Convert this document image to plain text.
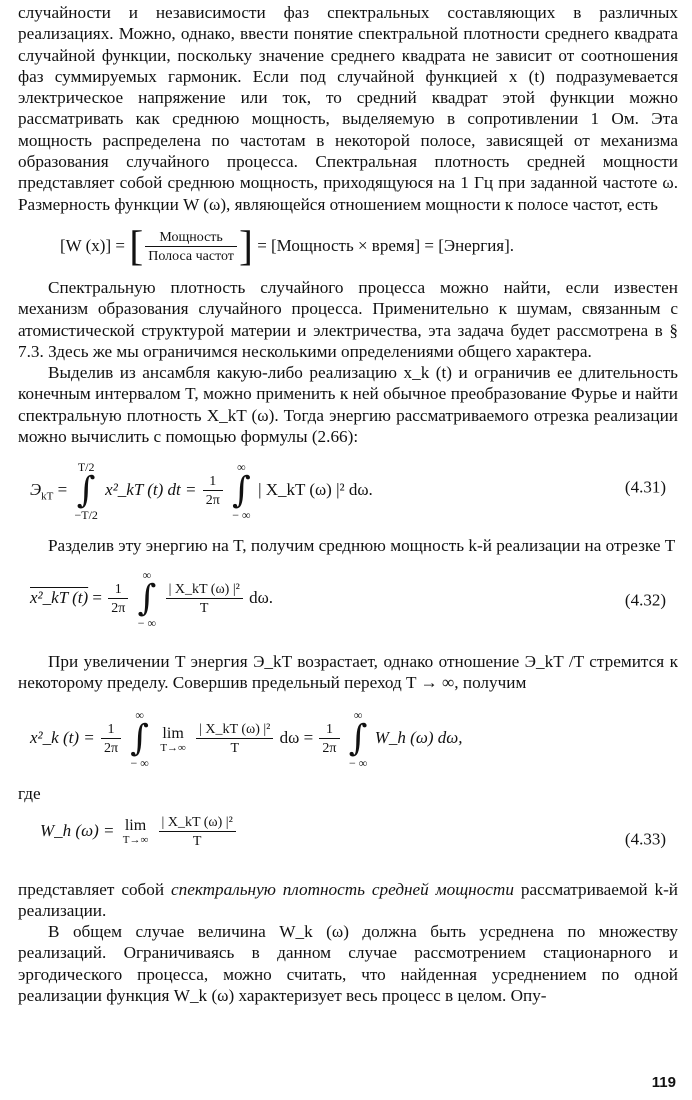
случайности и независимости фаз спектральных составляющих в различных реализациях. Можно, однако, ввести понятие спектральной плотности среднего квадрата случайной функции, поскольку значение среднего квадрата не зависит от соотношения фаз суммируемых гармоник. Если под случайной функцией x (t) подразумевается электрическое напряжение или ток, то средний квадрат этой функции можно рассматривать как среднюю мощность, выделяемую в сопротивлении 1 Ом. Эта мощность распределена по частотам в некоторой полосе, зависящей от механизма образования случайного процесса. Спектральная плотность средней мощности представляет собой среднюю мощность, приходящуюся на 1 Гц при заданной частоте ω. Размерность функции W (ω), являющейся отношением мощности к полосе частот, есть

[W (x)] = [ $\frac{\text{Мощность}}{\text{Полоса частот}}$ ] = [Мощность × время] = [Энергия].

Спектральную плотность случайного процесса можно найти, если известен механизм образования случайного процесса. Применительно к шумам, связанным с атомистической структурой материи и электричества, эта задача будет рассмотрена в § 7.3. Здесь же мы ограничимся несколькими определениями общего характера.

Выделив из ансамбля какую-либо реализацию x_k (t) и ограничив ее длительность конечным интервалом T, можно применить к ней обычное преобразование Фурье и найти спектральную плотность X_kT (ω). Тогда энергию рассматриваемого отрезка реализации можно вычислить с помощью формулы (2.66):

$Э_{kT}$ =
T/2
∫
−T/2
x²_kT (t) dt = $\frac{1}{2\pi}$

∞
∫
− ∞
| X_kT (ω) |² dω.	(4.31)

Разделив эту энергию на T, получим среднюю мощность k-й реализации на отрезке T

x²_kT $(t) = \frac{1}{2\pi}$

∞
∫
− ∞

$\frac{\text{| X\_kT (ω) |²}}{T} d\omega$.	(4.32)

При увеличении T энергия Э_kT возрастает, однако отношение Э_kT /T стремится к некоторому пределу. Совершив предельный переход T → ∞, получим

x²_k $(t) = \frac{1}{2\pi}$

∞
∫
− ∞

lim
T→∞
$\frac{\text{| X\_kT (ω) |²}}{T}$ $d\omega = \frac{1}{2\pi}$

∞
∫
− ∞
W_h (ω) dω,

где

W_h (ω) = lim
T→∞
$\frac{\text{| X\_kT (ω) |²}}{T}$	(4.33)

представляет собой спектральную плотность средней мощности рассматриваемой k-й реализации.

В общем случае величина W_k (ω) должна быть усреднена по множеству реализаций. Ограничиваясь в данном случае рассмотрением стационарного и эргодического процесса, можно считать, что найденная усреднением по одной реализации функция W_k (ω) характеризует весь процесс в целом. Опу-

119
